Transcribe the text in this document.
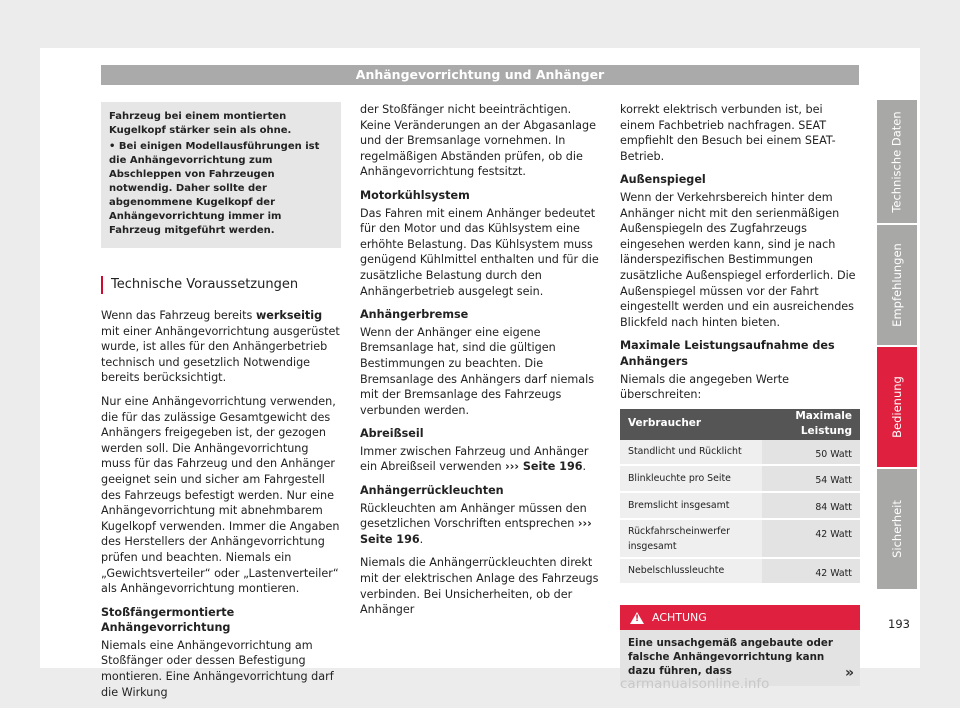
Anhängevorrichtung und Anhänger
Fahrzeug bei einem montierten Kugelkopf stärker sein als ohne.
• Bei einigen Modellausführungen ist die Anhängevorrichtung zum Abschleppen von Fahrzeugen notwendig. Daher sollte der abgenommene Kugelkopf der Anhängevorrichtung immer im Fahrzeug mitgeführt werden.
Technische Voraussetzungen

Wenn das Fahrzeug bereits werkseitig mit einer Anhängevorrichtung ausgerüstet wurde, ist alles für den Anhängerbetrieb technisch und gesetzlich Notwendige bereits berücksichtigt.

Nur eine Anhängevorrichtung verwenden, die für das zulässige Gesamtgewicht des Anhängers freigegeben ist, der gezogen werden soll. Die Anhängevorrichtung muss für das Fahrzeug und den Anhänger geeignet sein und sicher am Fahrgestell des Fahrzeugs befestigt werden. Nur eine Anhängevorrichtung mit abnehmbarem Kugelkopf verwenden. Immer die Angaben des Herstellers der Anhängevorrichtung prüfen und beachten. Niemals ein „Gewichtsverteiler“ oder „Lastenverteiler“ als Anhängevorrichtung montieren.

Stoßfängermontierte Anhängevorrichtung

Niemals eine Anhängevorrichtung am Stoßfänger oder dessen Befestigung montieren. Eine Anhängevorrichtung darf die Wirkung

der Stoßfänger nicht beeinträchtigen. Keine Veränderungen an der Abgasanlage und der Bremsanlage vornehmen. In regelmäßigen Abständen prüfen, ob die Anhängevorrichtung festsitzt.

Motorkühlsystem

Das Fahren mit einem Anhänger bedeutet für den Motor und das Kühlsystem eine erhöhte Belastung. Das Kühlsystem muss genügend Kühlmittel enthalten und für die zusätzliche Belastung durch den Anhängerbetrieb ausgelegt sein.

Anhängerbremse

Wenn der Anhänger eine eigene Bremsanlage hat, sind die gültigen Bestimmungen zu beachten. Die Bremsanlage des Anhängers darf niemals mit der Bremsanlage des Fahrzeugs verbunden werden.

Abreißseil

Immer zwischen Fahrzeug und Anhänger ein Abreißseil verwenden ››› Seite 196.

Anhängerrückleuchten

Rückleuchten am Anhänger müssen den gesetzlichen Vorschriften entsprechen ››› Seite 196.

Niemals die Anhängerrückleuchten direkt mit der elektrischen Anlage des Fahrzeugs verbinden. Bei Unsicherheiten, ob der Anhänger

korrekt elektrisch verbunden ist, bei einem Fachbetrieb nachfragen. SEAT empfiehlt den Besuch bei einem SEAT-Betrieb.

Außenspiegel

Wenn der Verkehrsbereich hinter dem Anhänger nicht mit den serienmäßigen Außenspiegeln des Zugfahrzeugs eingesehen werden kann, sind je nach länderspezifischen Bestimmungen zusätzliche Außenspiegel erforderlich. Die Außenspiegel müssen vor der Fahrt eingestellt werden und ein ausreichendes Blickfeld nach hinten bieten.

Maximale Leistungsaufnahme des Anhängers

Niemals die angegeben Werte überschreiten:

Verbraucher	Maximale Leistung
Standlicht und Rücklicht	50 Watt
Blinkleuchte pro Seite	54 Watt
Bremslicht insgesamt	84 Watt
Rückfahrscheinwerfer insgesamt	42 Watt
Nebelschlussleuchte	42 Watt
! ACHTUNG
Eine unsachgemäß angebaute oder falsche Anhängevorrichtung kann dazu führen, dass	»
Technische Daten
Empfehlungen
Bedienung
Sicherheit
193
carmanualsonline.info
